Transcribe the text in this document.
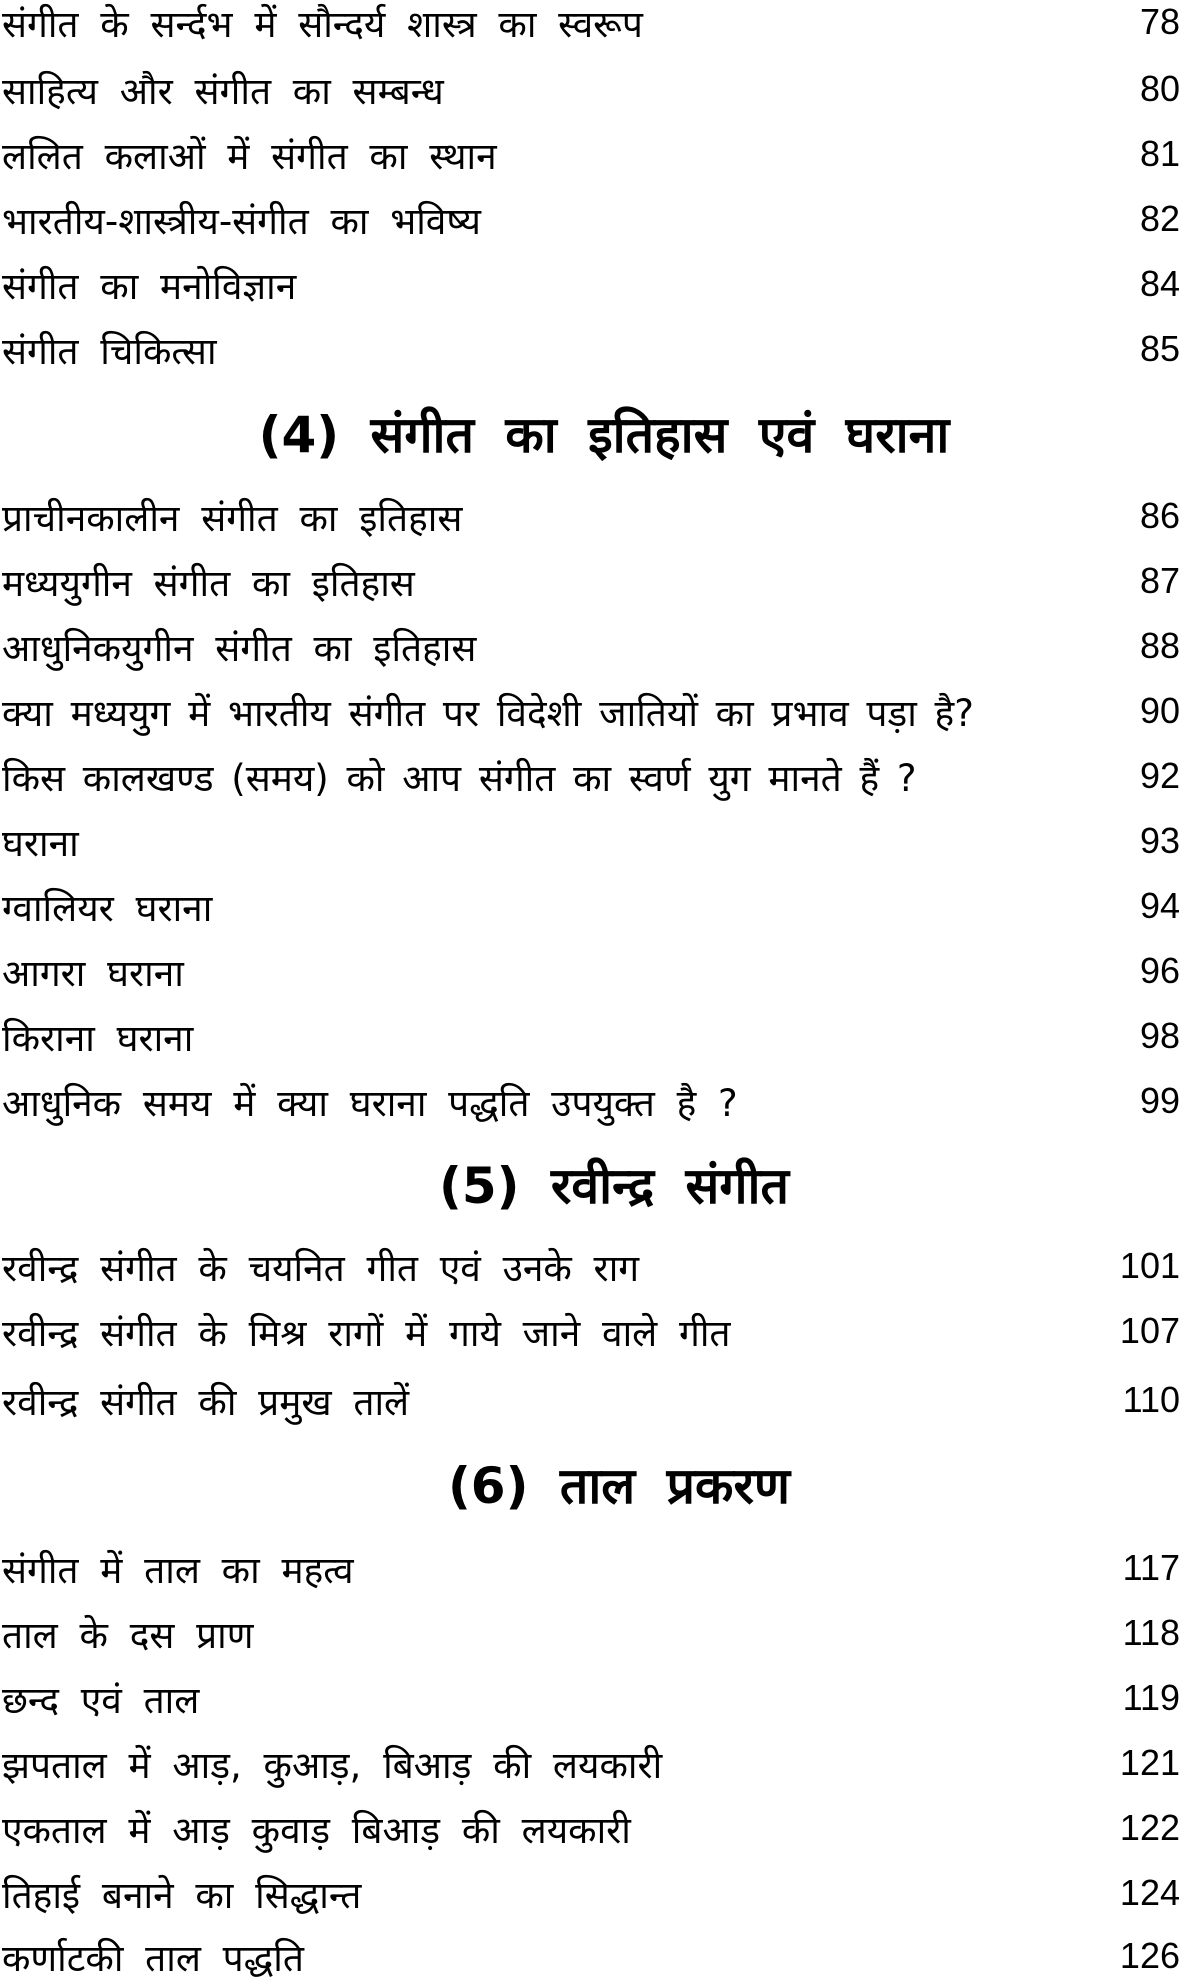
संगीत के सर्न्दभ में सौन्दर्य शास्त्र का स्वरूप	78
साहित्य और संगीत का सम्बन्ध	80
ललित कलाओं में संगीत का स्थान	81
भारतीय-शास्त्रीय-संगीत का भविष्य	82
संगीत का मनोविज्ञान	84
संगीत चिकित्सा	85
(4) संगीत का इतिहास एवं घराना
प्राचीनकालीन संगीत का इतिहास	86
मध्ययुगीन संगीत का इतिहास	87
आधुनिकयुगीन संगीत का इतिहास	88
क्या मध्ययुग में भारतीय संगीत पर विदेशी जातियों का प्रभाव पड़ा है?	90
किस कालखण्ड (समय) को आप संगीत का स्वर्ण युग मानते हैं ?	92
घराना	93
ग्वालियर घराना	94
आगरा घराना	96
किराना घराना	98
आधुनिक समय में क्या घराना पद्धति उपयुक्त है ?	99
(5) रवीन्द्र संगीत
रवीन्द्र संगीत के चयनित गीत एवं उनके राग	101
रवीन्द्र संगीत के मिश्र रागों में गाये जाने वाले गीत	107
रवीन्द्र संगीत की प्रमुख तालें	110
(6) ताल प्रकरण
संगीत में ताल का महत्व	117
ताल के दस प्राण	118
छन्द एवं ताल	119
झपताल में आड़, कुआड़, बिआड़ की लयकारी	121
एकताल में आड़ कुवाड़ बिआड़ की लयकारी	122
तिहाई बनाने का सिद्धान्त	124
कर्णाटकी ताल पद्धति	126
